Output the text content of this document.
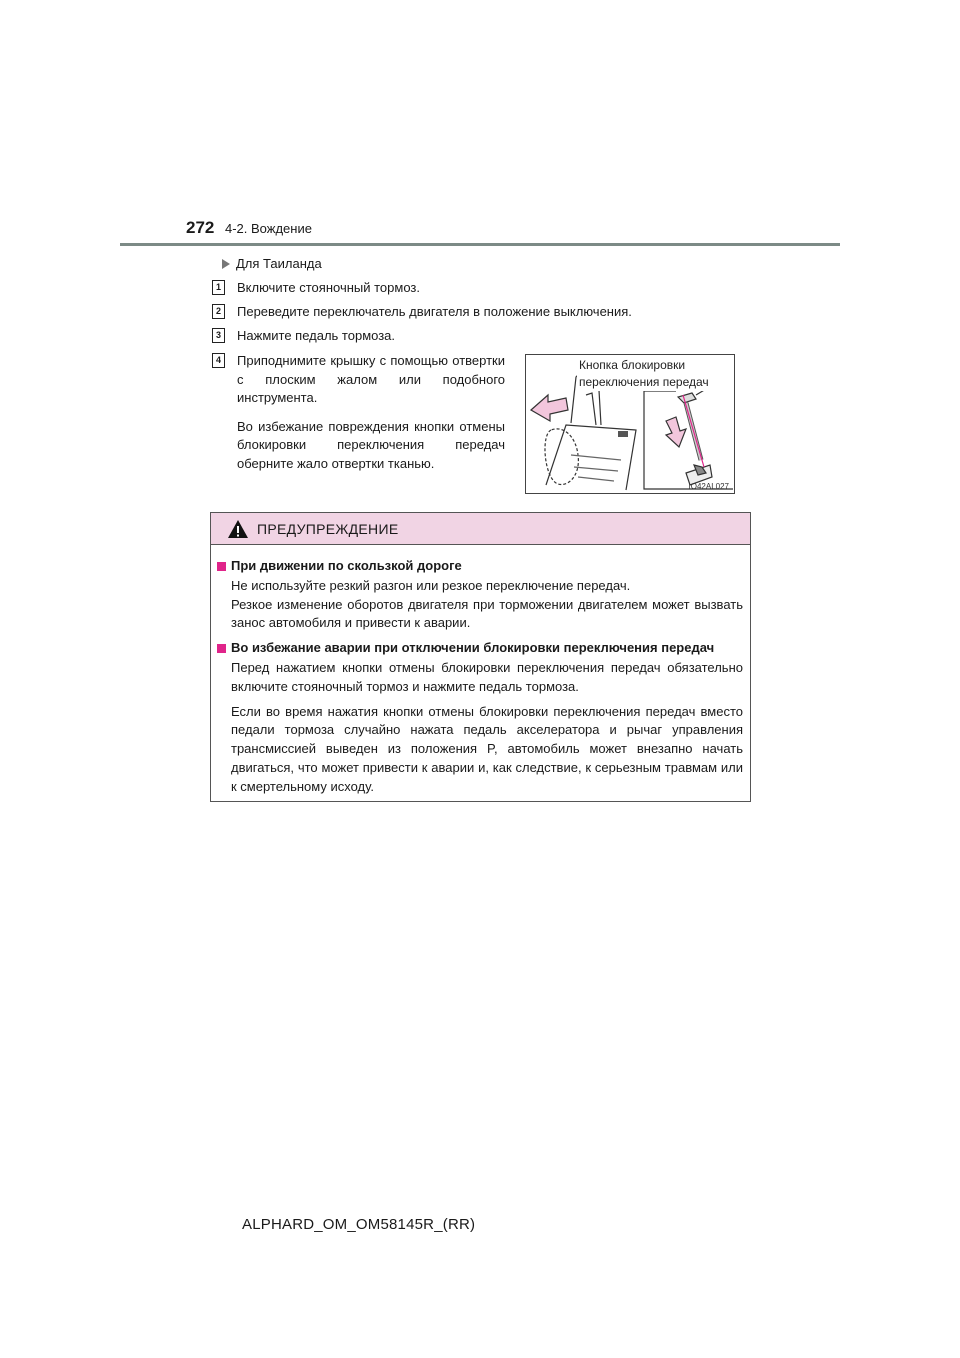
272 4-2. Вождение
Для Таиланда
1	Включите стояночный тормоз.
2	Переведите переключатель двигателя в положение выключения.
3	Нажмите педаль тормоза.
4	Приподнимите крышку с помощью отвертки с плоским жалом или подобного инструмента.

Во избежание повреждения кнопки отмены блокировки переключения передач оберните жало отвертки тканью.

Кнопка блокировки
переключения передач
IO42AL027
ПРЕДУПРЕЖДЕНИЕ
При движении по скользкой дороге
Не используйте резкий разгон или резкое переключение передач.
Резкое изменение оборотов двигателя при торможении двигателем может вызвать занос автомобиля и привести к аварии.
Во избежание аварии при отключении блокировки переключения передач
Перед нажатием кнопки отмены блокировки переключения передач обязательно включите стояночный тормоз и нажмите педаль тормоза.
Если во время нажатия кнопки отмены блокировки переключения передач вместо педали тормоза случайно нажата педаль акселератора и рычаг управления трансмиссией выведен из положения P, автомобиль может внезапно начать двигаться, что может привести к аварии и, как следствие, к серьезным травмам или к смертельному исходу.
ALPHARD_OM_OM58145R_(RR)
